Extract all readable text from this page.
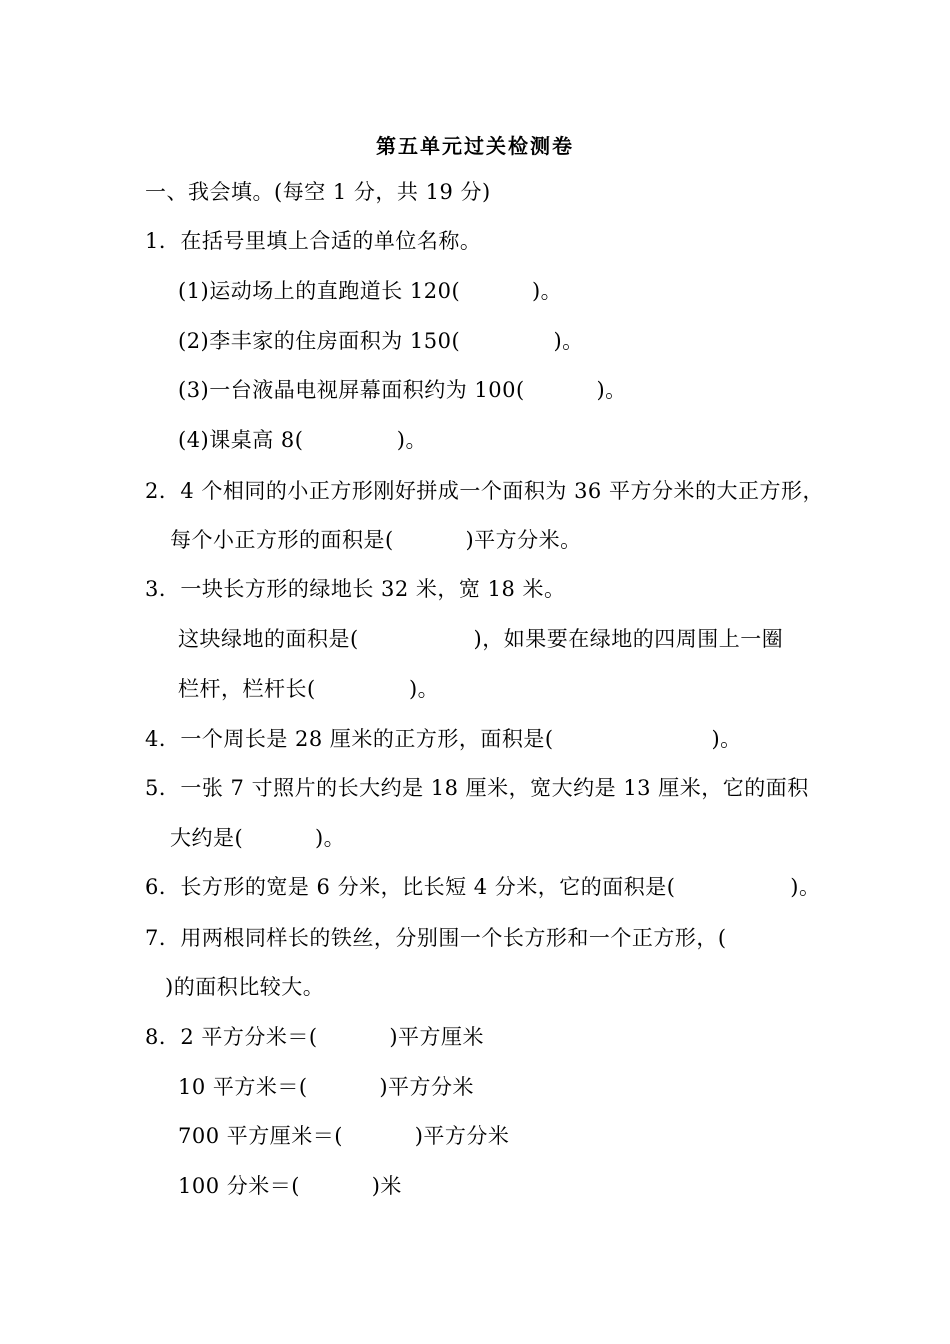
第五单元过关检测卷
一、我会填。(每空 1 分，共 19 分)
1．在括号里填上合适的单位名称。
(1)运动场上的直跑道长 120(          )。
(2)李丰家的住房面积为 150(             )。
(3)一台液晶电视屏幕面积约为 100(          )。
(4)课桌高 8(             )。
2．4 个相同的小正方形刚好拼成一个面积为 36 平方分米的大正方形，
每个小正方形的面积是(          )平方分米。
3．一块长方形的绿地长 32 米，宽 18 米。
这块绿地的面积是(                )，如果要在绿地的四周围上一圈
栏杆，栏杆长(             )。
4．一个周长是 28 厘米的正方形，面积是(                      )。
5．一张 7 寸照片的长大约是 18 厘米，宽大约是 13 厘米，它的面积
大约是(          )。
6．长方形的宽是 6 分米，比长短 4 分米，它的面积是(                )。
7．用两根同样长的铁丝，分别围一个长方形和一个正方形，(
)的面积比较大。
8．2 平方分米＝(          )平方厘米
10 平方米＝(          )平方分米
700 平方厘米＝(          )平方分米
100 分米＝(          )米
